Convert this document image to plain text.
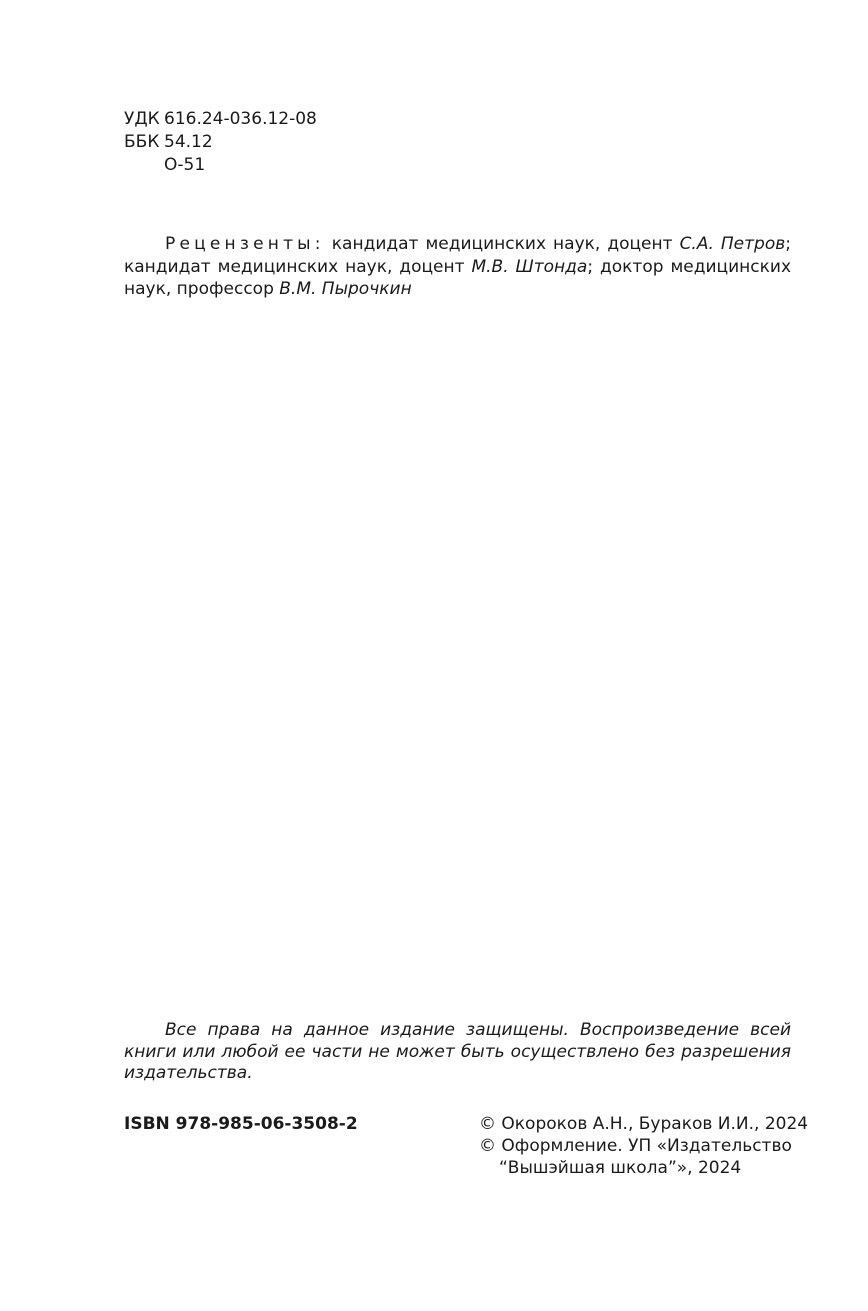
УДК 616.24-036.12-08
ББК 54.12
О-51

Рецензенты: кандидат медицинских наук, доцент С.А. Петров; кандидат медицинских наук, доцент М.В. Штонда; доктор медицинских наук, профессор В.М. Пырочкин

Все права на данное издание защищены. Воспроизведение всей книги или любой ее части не может быть осуществлено без разрешения издательства.

ISBN 978-985-06-3508-2	© Окороков А.Н., Бураков И.И., 2024
© Оформление. УП «Издательство
“Вышэйшая школа”», 2024
